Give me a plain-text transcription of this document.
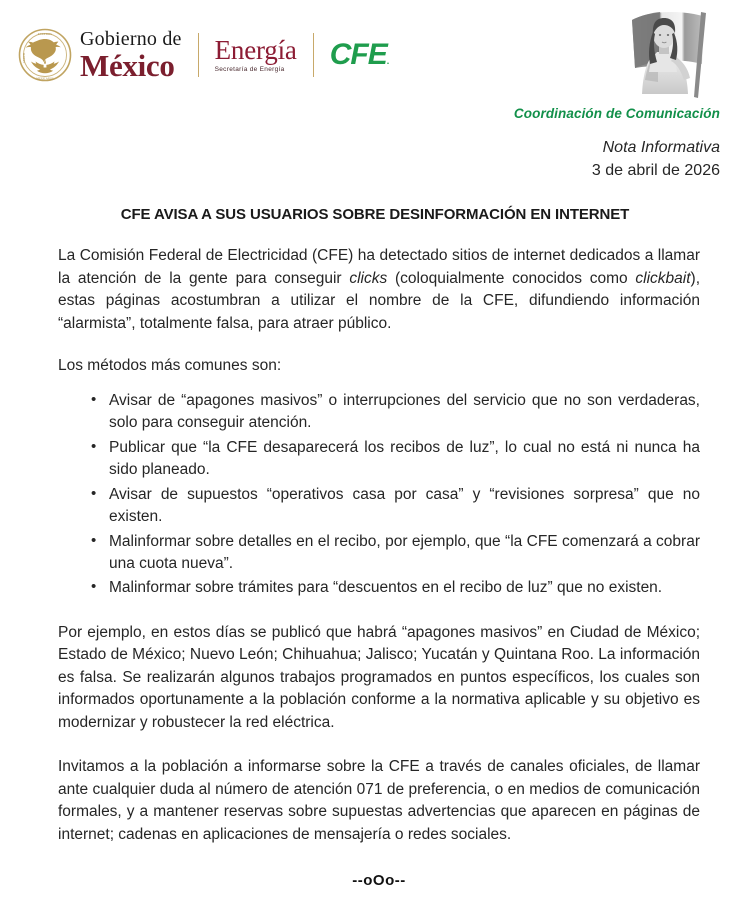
ESTADOS
MEXICANOS
UNIDOS
Gobierno de
México Energía
Secretaría de Energía	CFE.
Coordinación de Comunicación
Nota Informativa
3 de abril de 2026
CFE AVISA A SUS USUARIOS SOBRE DESINFORMACIÓN EN INTERNET

La Comisión Federal de Electricidad (CFE) ha detectado sitios de internet dedicados a llamar la atención de la gente para conseguir clicks (coloquialmente conocidos como clickbait), estas páginas acostumbran a utilizar el nombre de la CFE, difundiendo información “alarmista”, totalmente falsa, para atraer público.

Los métodos más comunes son:

• Avisar de “apagones masivos” o interrupciones del servicio que no son verdaderas, solo para conseguir atención.
• Publicar que “la CFE desaparecerá los recibos de luz”, lo cual no está ni nunca ha sido planeado.
• Avisar de supuestos “operativos casa por casa” y “revisiones sorpresa” que no existen.
• Malinformar sobre detalles en el recibo, por ejemplo, que “la CFE comenzará a cobrar una cuota nueva”.
• Malinformar sobre trámites para “descuentos en el recibo de luz” que no existen.

Por ejemplo, en estos días se publicó que habrá “apagones masivos” en Ciudad de México; Estado de México; Nuevo León; Chihuahua; Jalisco; Yucatán y Quintana Roo. La información es falsa. Se realizarán algunos trabajos programados en puntos específicos, los cuales son informados oportunamente a la población conforme a la normativa aplicable y su objetivo es modernizar y robustecer la red eléctrica.

Invitamos a la población a informarse sobre la CFE a través de canales oficiales, de llamar ante cualquier duda al número de atención 071 de preferencia, o en medios de comunicación formales, y a mantener reservas sobre supuestas advertencias que aparecen en páginas de internet; cadenas en aplicaciones de mensajería o redes sociales.

--oOo--
